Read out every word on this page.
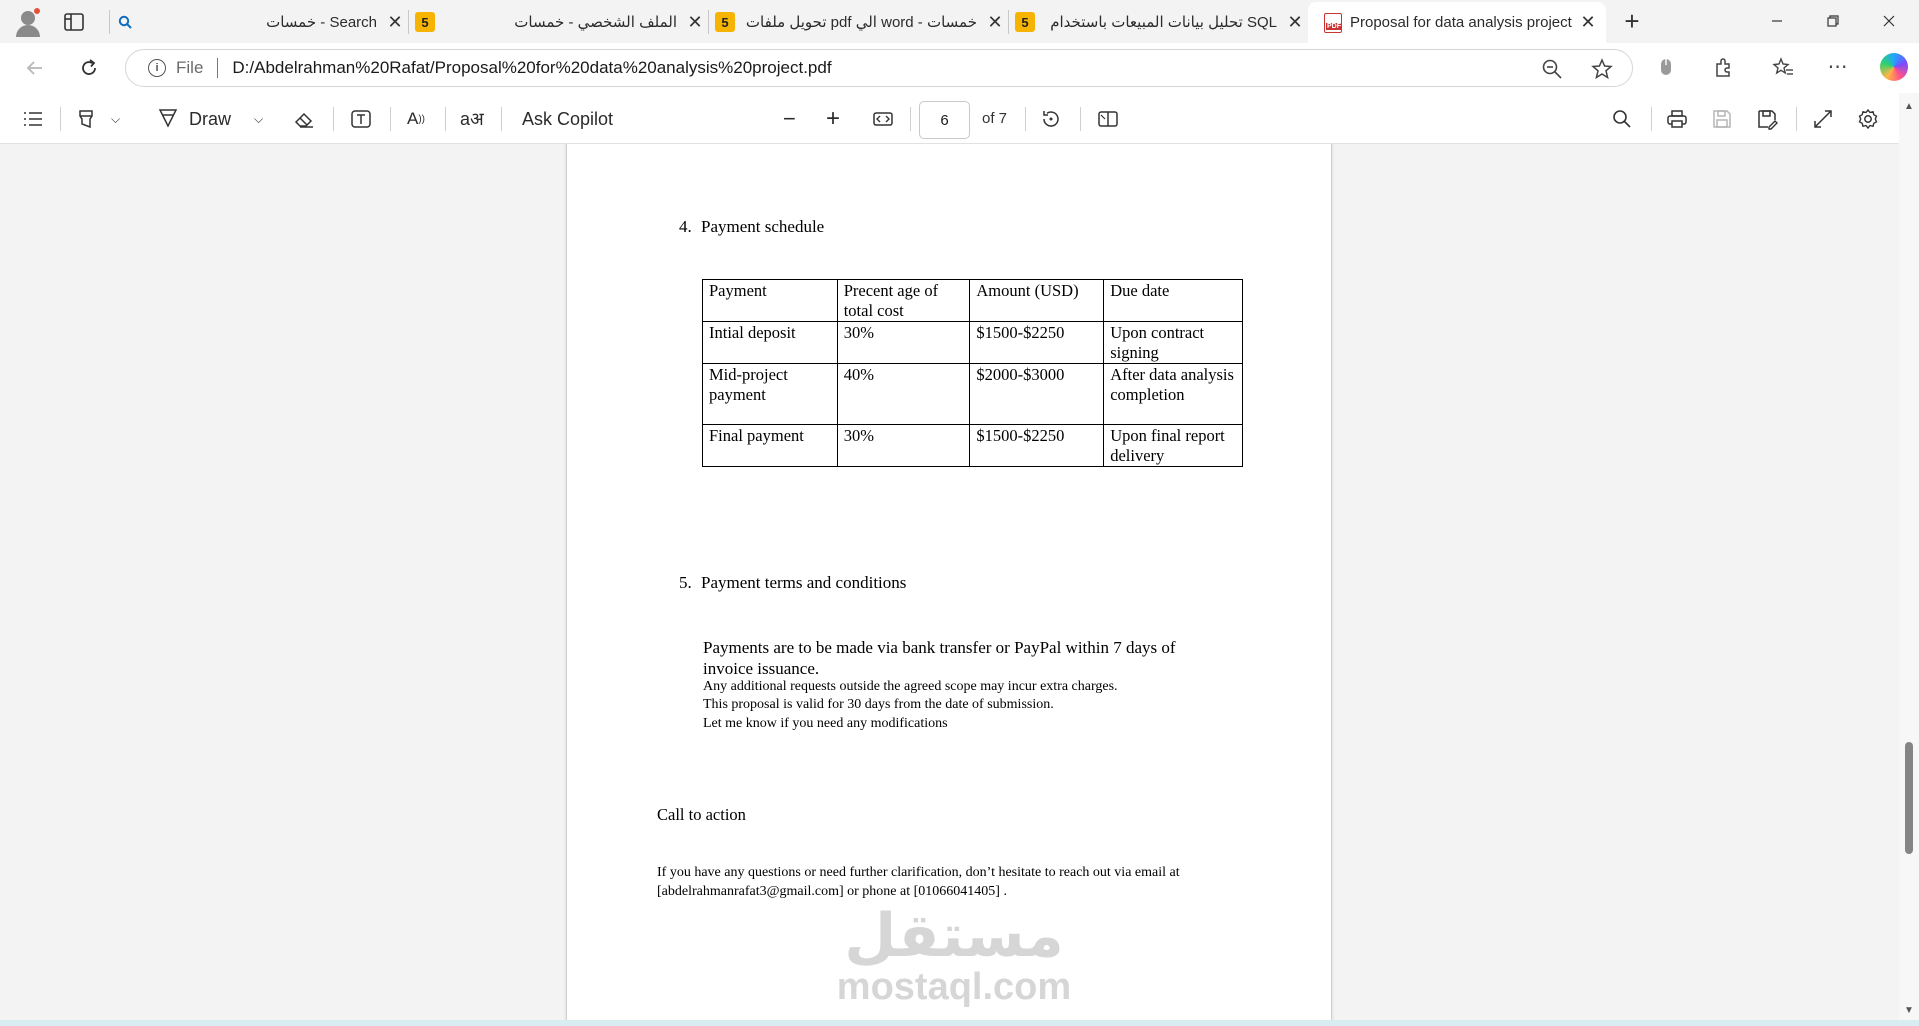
خمسات - Search ✕	5	الملف الشخصي - خمسات ✕	5	تحويل ملفات pdf الي word - خمسات ✕	5	تحليل بيانات المبيعات باستخدام SQL ✕	PDF Proposal for data analysis project ✕ +
i	File D:/Abdelrahman%20Rafat/Proposal%20for%20data%20analysis%20project.pdf	⋯
⌵	Draw ⌵	A )) aअ Ask Copilot	− +	6	of 7
4. Payment schedule
Payment	Precent age of total cost	Amount (USD)	Due date
Intial deposit	30%	$1500-$2250	Upon contract signing
Mid-project payment	40%	$2000-$3000	After data analysis completion
Final payment	30%	$1500-$2250	Upon final report delivery
5. Payment terms and conditions
Payments are to be made via bank transfer or PayPal within 7 days of invoice issuance.
Any additional requests outside the agreed scope may incur extra charges.
This proposal is valid for 30 days from the date of submission.
Let me know if you need any modifications
Call to action
If you have any questions or need further clarification, don’t hesitate to reach out via email at [abdelrahmanrafat3@gmail.com] or phone at [01066041405] .
مستقل
mostaql.com
▲
▼
